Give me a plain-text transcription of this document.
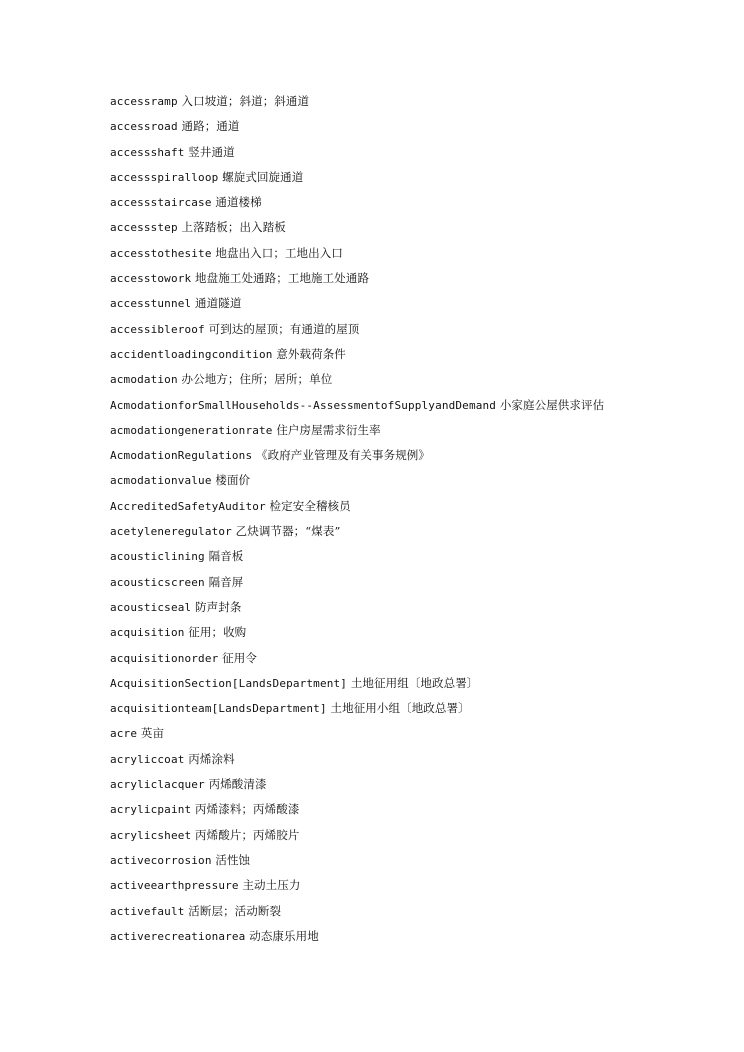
accessramp 入口坡道；斜道；斜通道
accessroad 通路；通道
accessshaft 竖井通道
accessspiralloop 螺旋式回旋通道
accessstaircase 通道楼梯
accessstep 上落踏板；出入踏板
accesstothesite 地盘出入口；工地出入口
accesstowork 地盘施工处通路；工地施工处通路
accesstunnel 通道隧道
accessibleroof 可到达的屋顶；有通道的屋顶
accidentloadingcondition 意外载荷条件
acmodation 办公地方；住所；居所；单位
AcmodationforSmallHouseholds--AssessmentofSupplyandDemand 小家庭公屋供求评估
acmodationgenerationrate 住户房屋需求衍生率
AcmodationRegulations 《政府产业管理及有关事务规例》
acmodationvalue 楼面价
AccreditedSafetyAuditor 检定安全稽核员
acetyleneregulator 乙炔调节器；“煤表”
acousticlining 隔音板
acousticscreen 隔音屏
acousticseal 防声封条
acquisition 征用；收购
acquisitionorder 征用令
AcquisitionSection[LandsDepartment] 土地征用组〔地政总署〕
acquisitionteam[LandsDepartment] 土地征用小组〔地政总署〕
acre 英亩
acryliccoat 丙烯涂料
acryliclacquer 丙烯酸清漆
acrylicpaint 丙烯漆料；丙烯酸漆
acrylicsheet 丙烯酸片；丙烯胶片
activecorrosion 活性蚀
activeearthpressure 主动土压力
activefault 活断层；活动断裂
activerecreationarea 动态康乐用地
